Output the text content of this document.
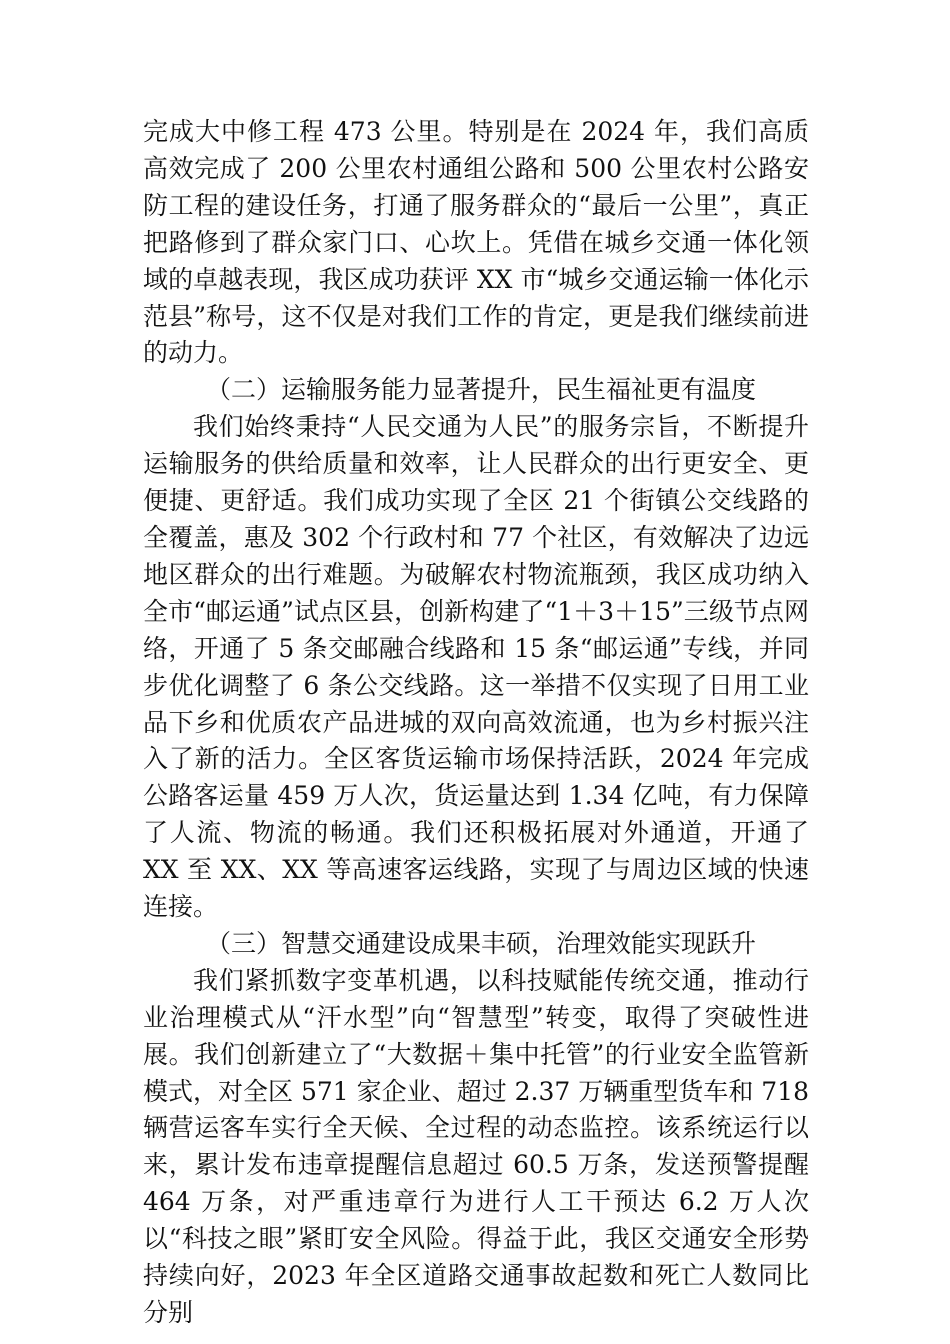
完成大中修工程 473 公里。特别是在 2024 年，我们高质高效完成了 200 公里农村通组公路和 500 公里农村公路安防工程的建设任务，打通了服务群众的“最后一公里”，真正把路修到了群众家门口、心坎上。凭借在城乡交通一体化领域的卓越表现，我区成功获评 XX 市“城乡交通运输一体化示范县”称号，这不仅是对我们工作的肯定，更是我们继续前进的动力。

（二）运输服务能力显著提升，民生福祉更有温度

我们始终秉持“人民交通为人民”的服务宗旨，不断提升运输服务的供给质量和效率，让人民群众的出行更安全、更便捷、更舒适。我们成功实现了全区 21 个街镇公交线路的全覆盖，惠及 302 个行政村和 77 个社区，有效解决了边远地区群众的出行难题。为破解农村物流瓶颈，我区成功纳入全市“邮运通”试点区县，创新构建了“1＋3＋15”三级节点网络，开通了 5 条交邮融合线路和 15 条“邮运通”专线，并同步优化调整了 6 条公交线路。这一举措不仅实现了日用工业品下乡和优质农产品进城的双向高效流通，也为乡村振兴注入了新的活力。全区客货运输市场保持活跃，2024 年完成公路客运量 459 万人次，货运量达到 1.34 亿吨，有力保障了人流、物流的畅通。我们还积极拓展对外通道，开通了 XX 至 XX、XX 等高速客运线路，实现了与周边区域的快速连接。

（三）智慧交通建设成果丰硕，治理效能实现跃升

我们紧抓数字变革机遇，以科技赋能传统交通，推动行业治理模式从“汗水型”向“智慧型”转变，取得了突破性进展。我们创新建立了“大数据＋集中托管”的行业安全监管新模式，对全区 571 家企业、超过 2.37 万辆重型货车和 718 辆营运客车实行全天候、全过程的动态监控。该系统运行以来，累计发布违章提醒信息超过 60.5 万条，发送预警提醒 464 万条，对严重违章行为进行人工干预达 6.2 万人次以“科技之眼”紧盯安全风险。得益于此，我区交通安全形势持续向好，2023 年全区道路交通事故起数和死亡人数同比分别
